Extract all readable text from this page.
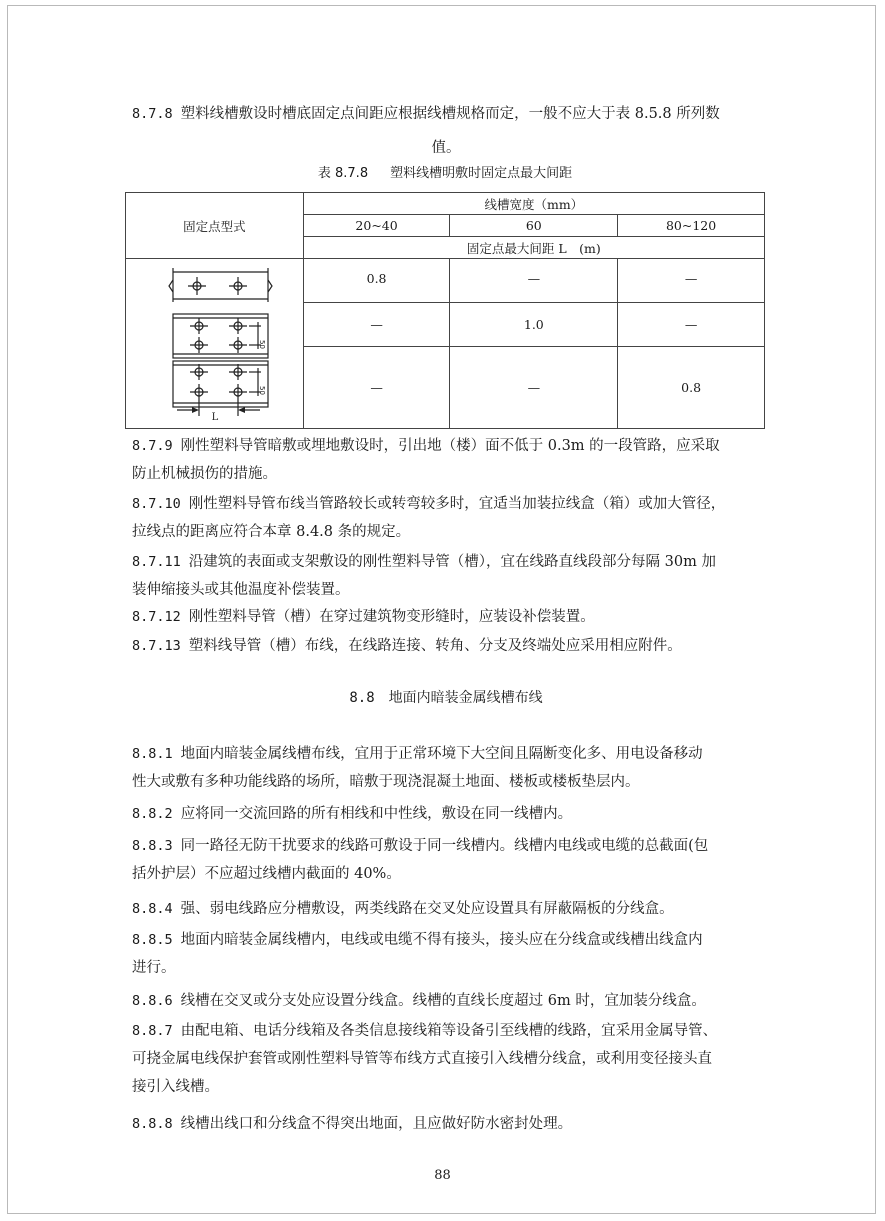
8.7.8 塑料线槽敷设时槽底固定点间距应根据线槽规格而定，一般不应大于表 8.5.8 所列数

值。
表 8.7.8 塑料线槽明敷时固定点最大间距
固定点型式	线槽宽度（mm）		
	20~40	60	80~120
	固定点最大间距 L　(m)		
	0.8	—	—
	—	1.0	—
	—	—	0.8
50
50
L

8.7.9 刚性塑料导管暗敷或埋地敷设时，引出地（楼）面不低于 0.3m 的一段管路，应采取
防止机械损伤的措施。

8.7.10 刚性塑料导管布线当管路较长或转弯较多时，宜适当加装拉线盒（箱）或加大管径，
拉线点的距离应符合本章 8.4.8 条的规定。

8.7.11 沿建筑的表面或支架敷设的刚性塑料导管（槽），宜在线路直线段部分每隔 30m 加
装伸缩接头或其他温度补偿装置。

8.7.12 刚性塑料导管（槽）在穿过建筑物变形缝时，应装设补偿装置。

8.7.13 塑料线导管（槽）布线，在线路连接、转角、分支及终端处应采用相应附件。

8.8 地面内暗装金属线槽布线

8.8.1 地面内暗装金属线槽布线，宜用于正常环境下大空间且隔断变化多、用电设备移动
性大或敷有多种功能线路的场所，暗敷于现浇混凝土地面、楼板或楼板垫层内。

8.8.2 应将同一交流回路的所有相线和中性线，敷设在同一线槽内。

8.8.3 同一路径无防干扰要求的线路可敷设于同一线槽内。线槽内电线或电缆的总截面(包
括外护层）不应超过线槽内截面的 40%。

8.8.4 强、弱电线路应分槽敷设，两类线路在交叉处应设置具有屏蔽隔板的分线盒。

8.8.5 地面内暗装金属线槽内，电线或电缆不得有接头，接头应在分线盒或线槽出线盒内
进行。

8.8.6 线槽在交叉或分支处应设置分线盒。线槽的直线长度超过 6m 时，宜加装分线盒。

8.8.7 由配电箱、电话分线箱及各类信息接线箱等设备引至线槽的线路，宜采用金属导管、
可挠金属电线保护套管或刚性塑料导管等布线方式直接引入线槽分线盒，或利用变径接头直
接引入线槽。

8.8.8 线槽出线口和分线盒不得突出地面，且应做好防水密封处理。

88
